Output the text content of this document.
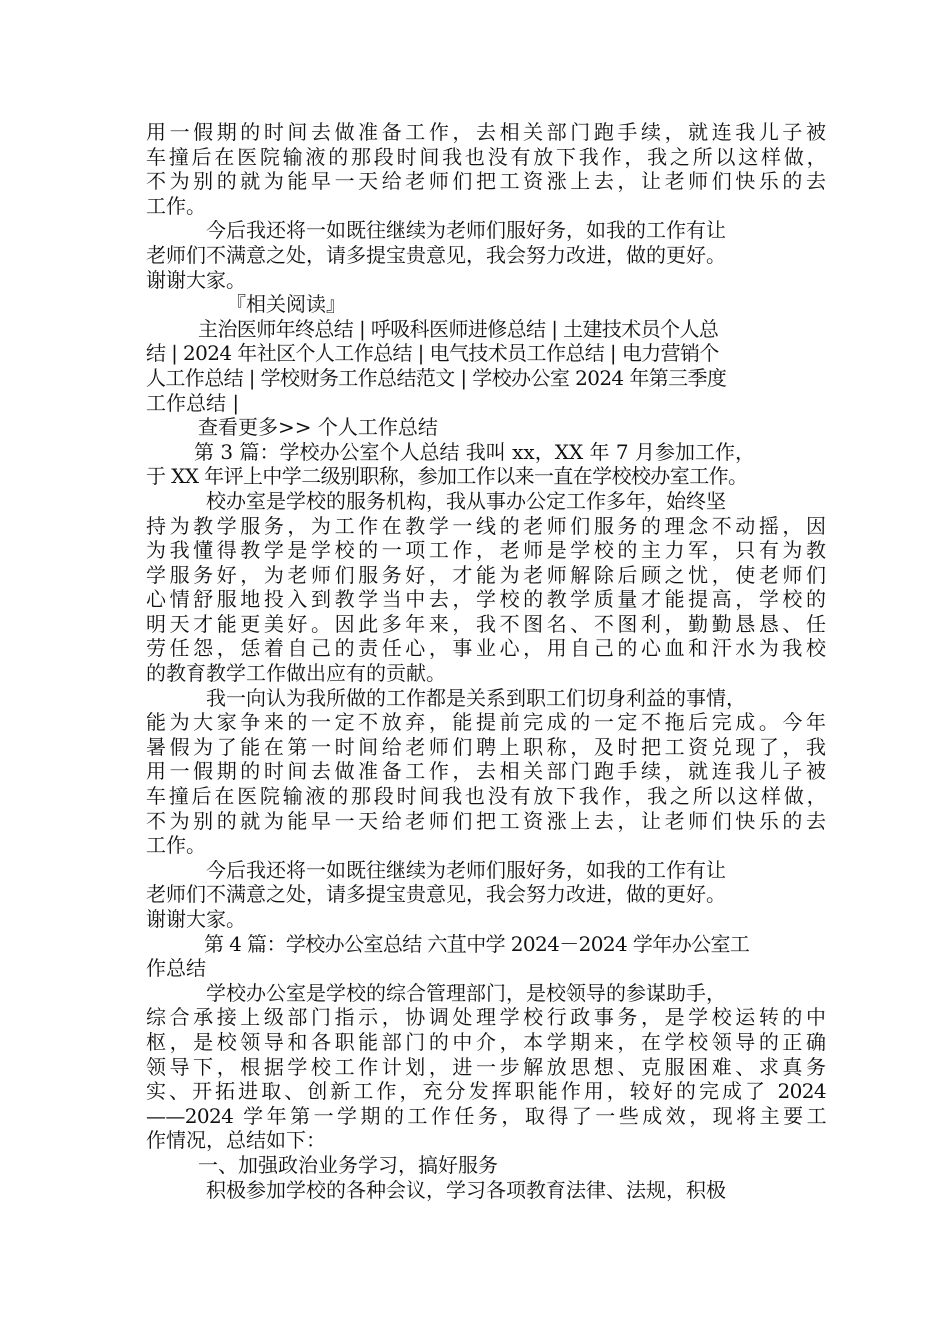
用一假期的时间去做准备工作，去相关部门跑手续，就连我儿子被
车撞后在医院输液的那段时间我也没有放下我作，我之所以这样做，
不为别的就为能早一天给老师们把工资涨上去，让老师们快乐的去
工作。
今后我还将一如既往继续为老师们服好务，如我的工作有让
老师们不满意之处，请多提宝贵意见，我会努力改进，做的更好。
谢谢大家。
『相关阅读』
主治医师年终总结 | 呼吸科医师进修总结 | 土建技术员个人总
结 | 2024 年社区个人工作总结 | 电气技术员工作总结 | 电力营销个
人工作总结 | 学校财务工作总结范文 | 学校办公室 2024 年第三季度
工作总结 |
查看更多>> 个人工作总结
第 3 篇：学校办公室个人总结 我叫 xx，XX 年 7 月参加工作，
于 XX 年评上中学二级别职称，参加工作以来一直在学校校办室工作。
校办室是学校的服务机构，我从事办公定工作多年，始终坚
持为教学服务，为工作在教学一线的老师们服务的理念不动摇，因
为我懂得教学是学校的一项工作，老师是学校的主力军，只有为教
学服务好，为老师们服务好，才能为老师解除后顾之忧，使老师们
心情舒服地投入到教学当中去，学校的教学质量才能提高，学校的
明天才能更美好。因此多年来，我不图名、不图利，勤勤恳恳、任
劳任怨，恁着自己的责任心，事业心，用自己的心血和汗水为我校
的教育教学工作做出应有的贡献。
我一向认为我所做的工作都是关系到职工们切身利益的事情，
能为大家争来的一定不放弃，能提前完成的一定不拖后完成。今年
暑假为了能在第一时间给老师们聘上职称，及时把工资兑现了，我
用一假期的时间去做准备工作，去相关部门跑手续，就连我儿子被
车撞后在医院输液的那段时间我也没有放下我作，我之所以这样做，
不为别的就为能早一天给老师们把工资涨上去，让老师们快乐的去
工作。
今后我还将一如既往继续为老师们服好务，如我的工作有让
老师们不满意之处，请多提宝贵意见，我会努力改进，做的更好。
谢谢大家。
第 4 篇：学校办公室总结 六苴中学 2024－2024 学年办公室工
作总结
学校办公室是学校的综合管理部门，是校领导的参谋助手，
综合承接上级部门指示，协调处理学校行政事务，是学校运转的中
枢，是校领导和各职能部门的中介，本学期来，在学校领导的正确
领导下，根据学校工作计划，进一步解放思想、克服困难、求真务
实、开拓进取、创新工作，充分发挥职能作用，较好的完成了 2024
——2024 学年第一学期的工作任务，取得了一些成效，现将主要工
作情况，总结如下：
一、加强政治业务学习，搞好服务
积极参加学校的各种会议，学习各项教育法律、法规，积极
